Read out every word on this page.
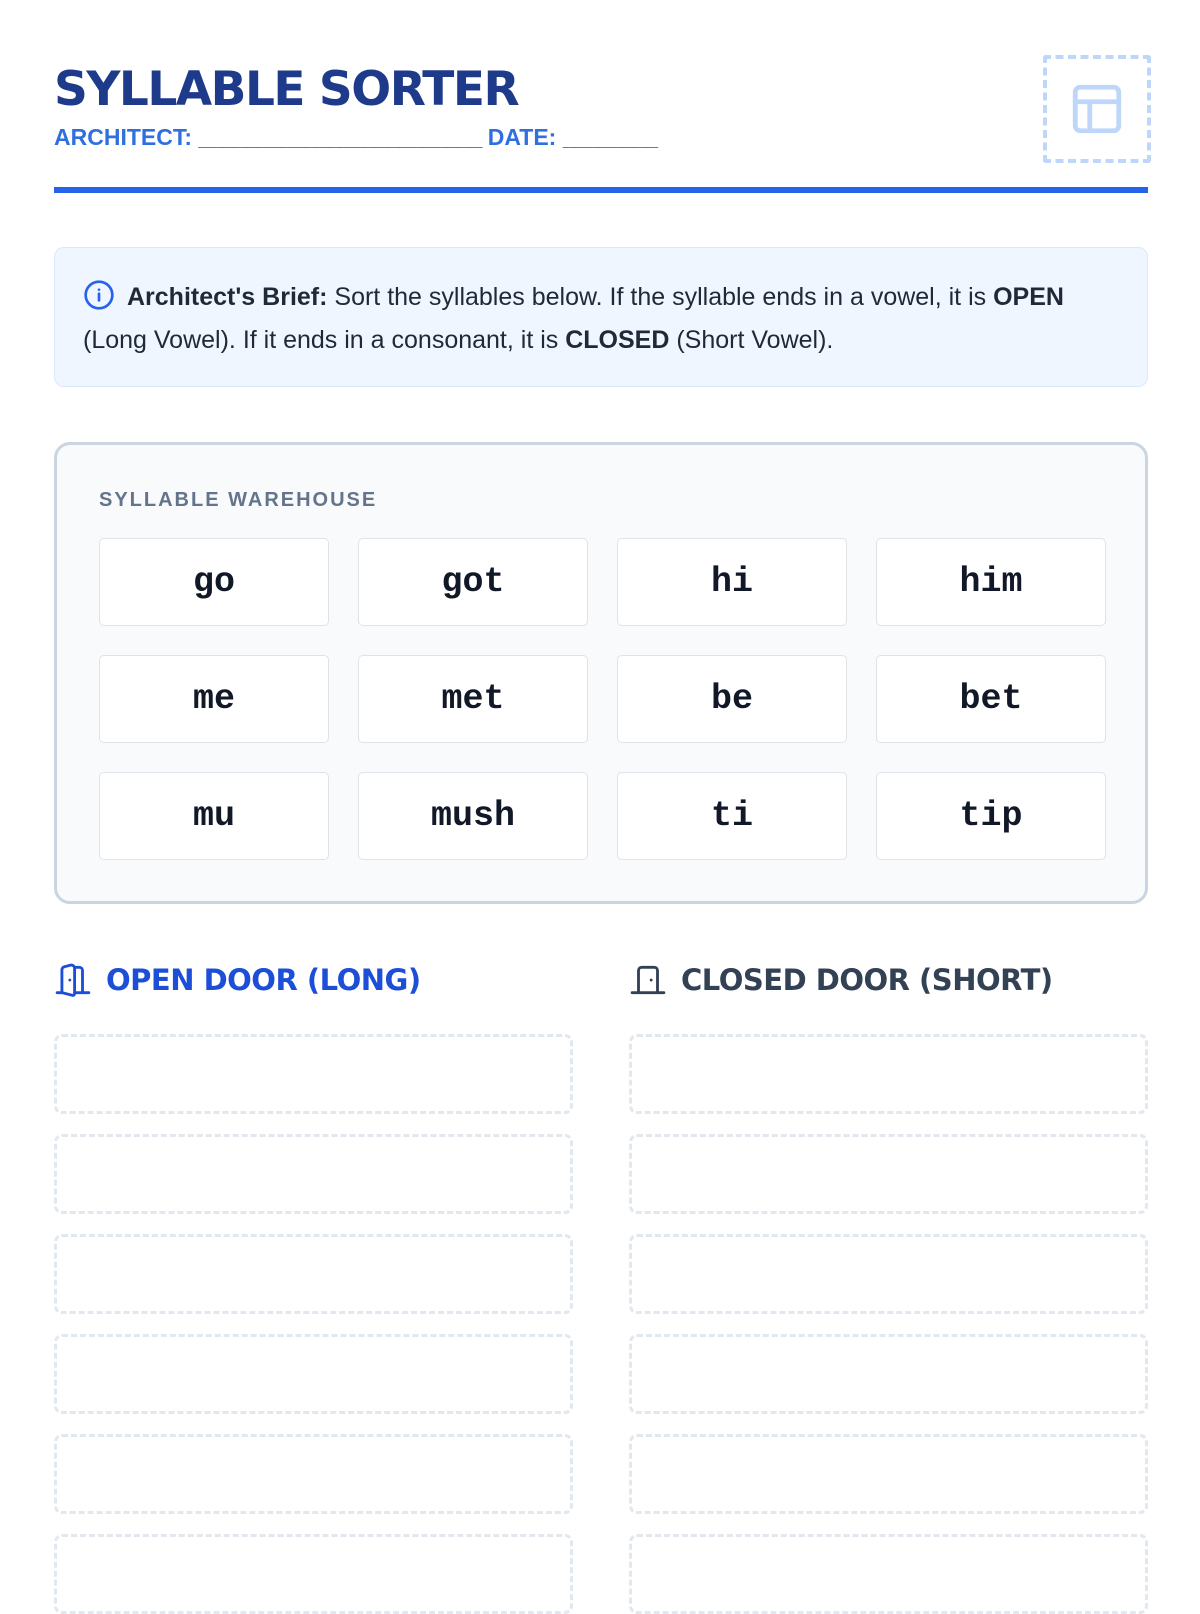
SYLLABLE SORTER
ARCHITECT: ________________________ DATE: ________
Architect's Brief: Sort the syllables below. If the syllable ends in a vowel, it is OPEN (Long Vowel). If it ends in a consonant, it is CLOSED (Short Vowel).
SYLLABLE WAREHOUSE
go	got	hi	him
me	met	be	bet
mu	mush	ti	tip
OPEN DOOR (LONG)	CLOSED DOOR (SHORT)
